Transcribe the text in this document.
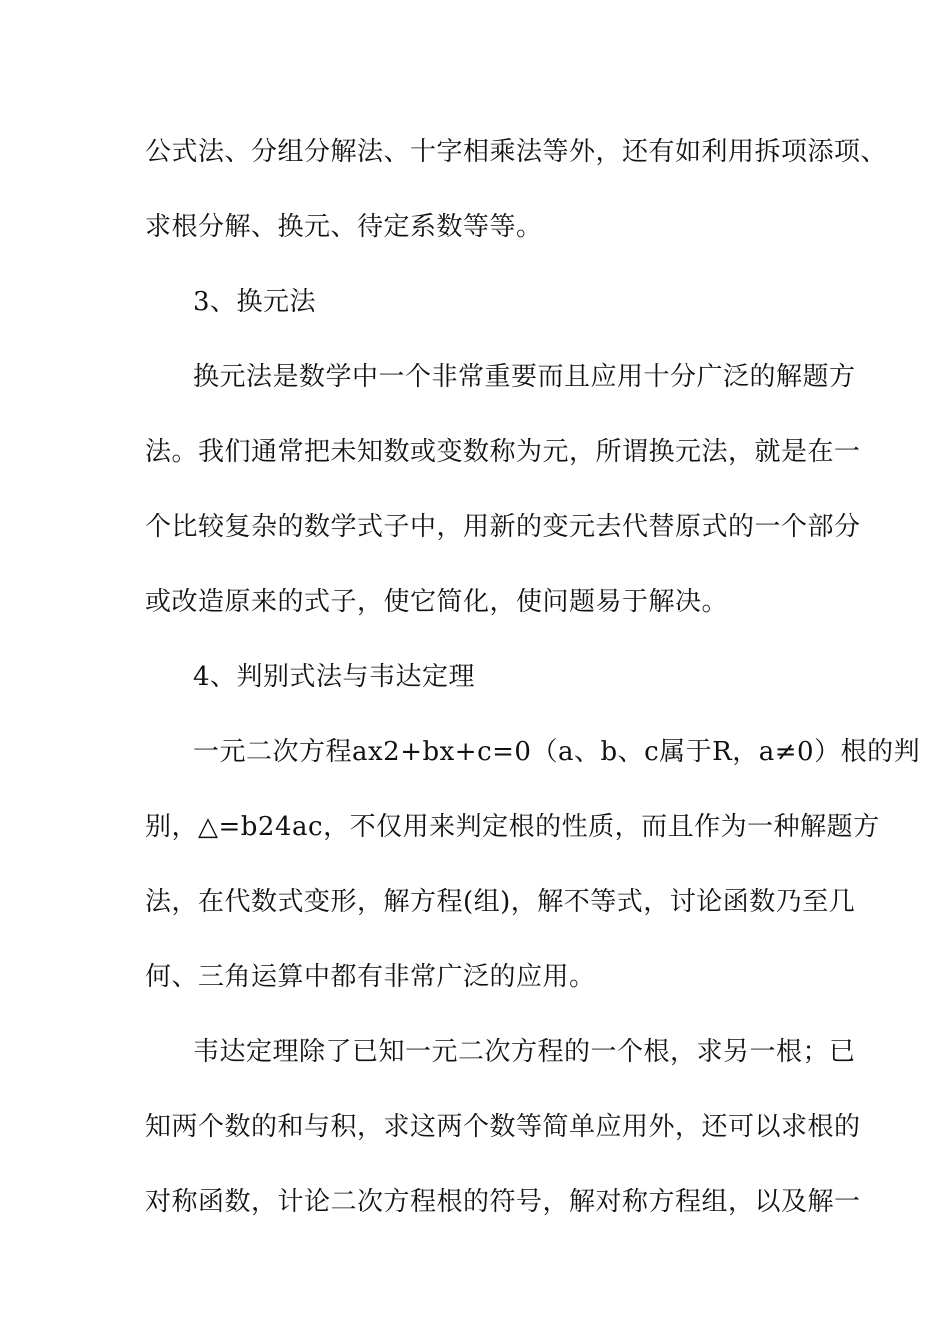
公式法、分组分解法、十字相乘法等外，还有如利用拆项添项、
求根分解、换元、待定系数等等。
3、换元法
换元法是数学中一个非常重要而且应用十分广泛的解题方
法。我们通常把未知数或变数称为元，所谓换元法，就是在一
个比较复杂的数学式子中，用新的变元去代替原式的一个部分
或改造原来的式子，使它简化，使问题易于解决。
4、判别式法与韦达定理
一元二次方程ax2+bx+c=0（a、b、c属于R，a≠0）根的判
别，△=b24ac，不仅用来判定根的性质，而且作为一种解题方
法，在代数式变形，解方程(组)，解不等式，讨论函数乃至几
何、三角运算中都有非常广泛的应用。
韦达定理除了已知一元二次方程的一个根，求另一根；已
知两个数的和与积，求这两个数等简单应用外，还可以求根的
对称函数，计论二次方程根的符号，解对称方程组，以及解一
